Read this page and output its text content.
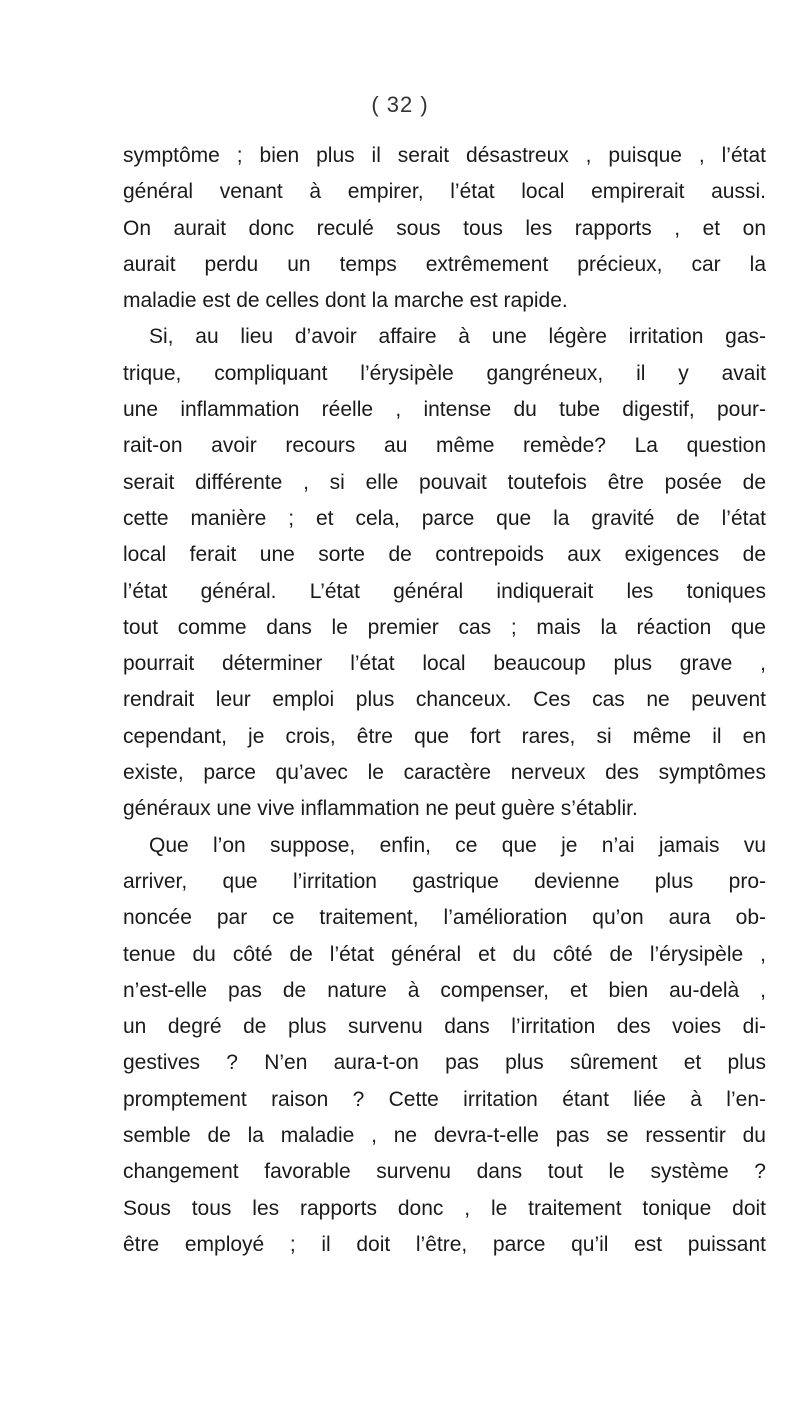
( 32 )
symptôme ; bien plus il serait désastreux , puisque , l’état
général venant à empirer, l’état local empirerait aussi.
On aurait donc reculé sous tous les rapports , et on
aurait perdu un temps extrêmement précieux, car la
maladie est de celles dont la marche est rapide.
Si, au lieu d’avoir affaire à une légère irritation gas-
trique, compliquant l’érysipèle gangréneux, il y avait
une inflammation réelle , intense du tube digestif, pour-
rait-on avoir recours au même remède? La question
serait différente , si elle pouvait toutefois être posée de
cette manière ; et cela, parce que la gravité de l’état
local ferait une sorte de contrepoids aux exigences de
l’état général. L’état général indiquerait les toniques
tout comme dans le premier cas ; mais la réaction que
pourrait déterminer l’état local beaucoup plus grave ,
rendrait leur emploi plus chanceux. Ces cas ne peuvent
cependant, je crois, être que fort rares, si même il en
existe, parce qu’avec le caractère nerveux des symptômes
généraux une vive inflammation ne peut guère s’établir.
Que l’on suppose, enfin, ce que je n’ai jamais vu
arriver, que l’irritation gastrique devienne plus pro-
noncée par ce traitement, l’amélioration qu’on aura ob-
tenue du côté de l’état général et du côté de l’érysipèle ,
n’est-elle pas de nature à compenser, et bien au-delà ,
un degré de plus survenu dans l’irritation des voies di-
gestives ? N’en aura-t-on pas plus sûrement et plus
promptement raison ? Cette irritation étant liée à l’en-
semble de la maladie , ne devra-t-elle pas se ressentir du
changement favorable survenu dans tout le système ?
Sous tous les rapports donc , le traitement tonique doit
être employé ; il doit l’être, parce qu’il est puissant
